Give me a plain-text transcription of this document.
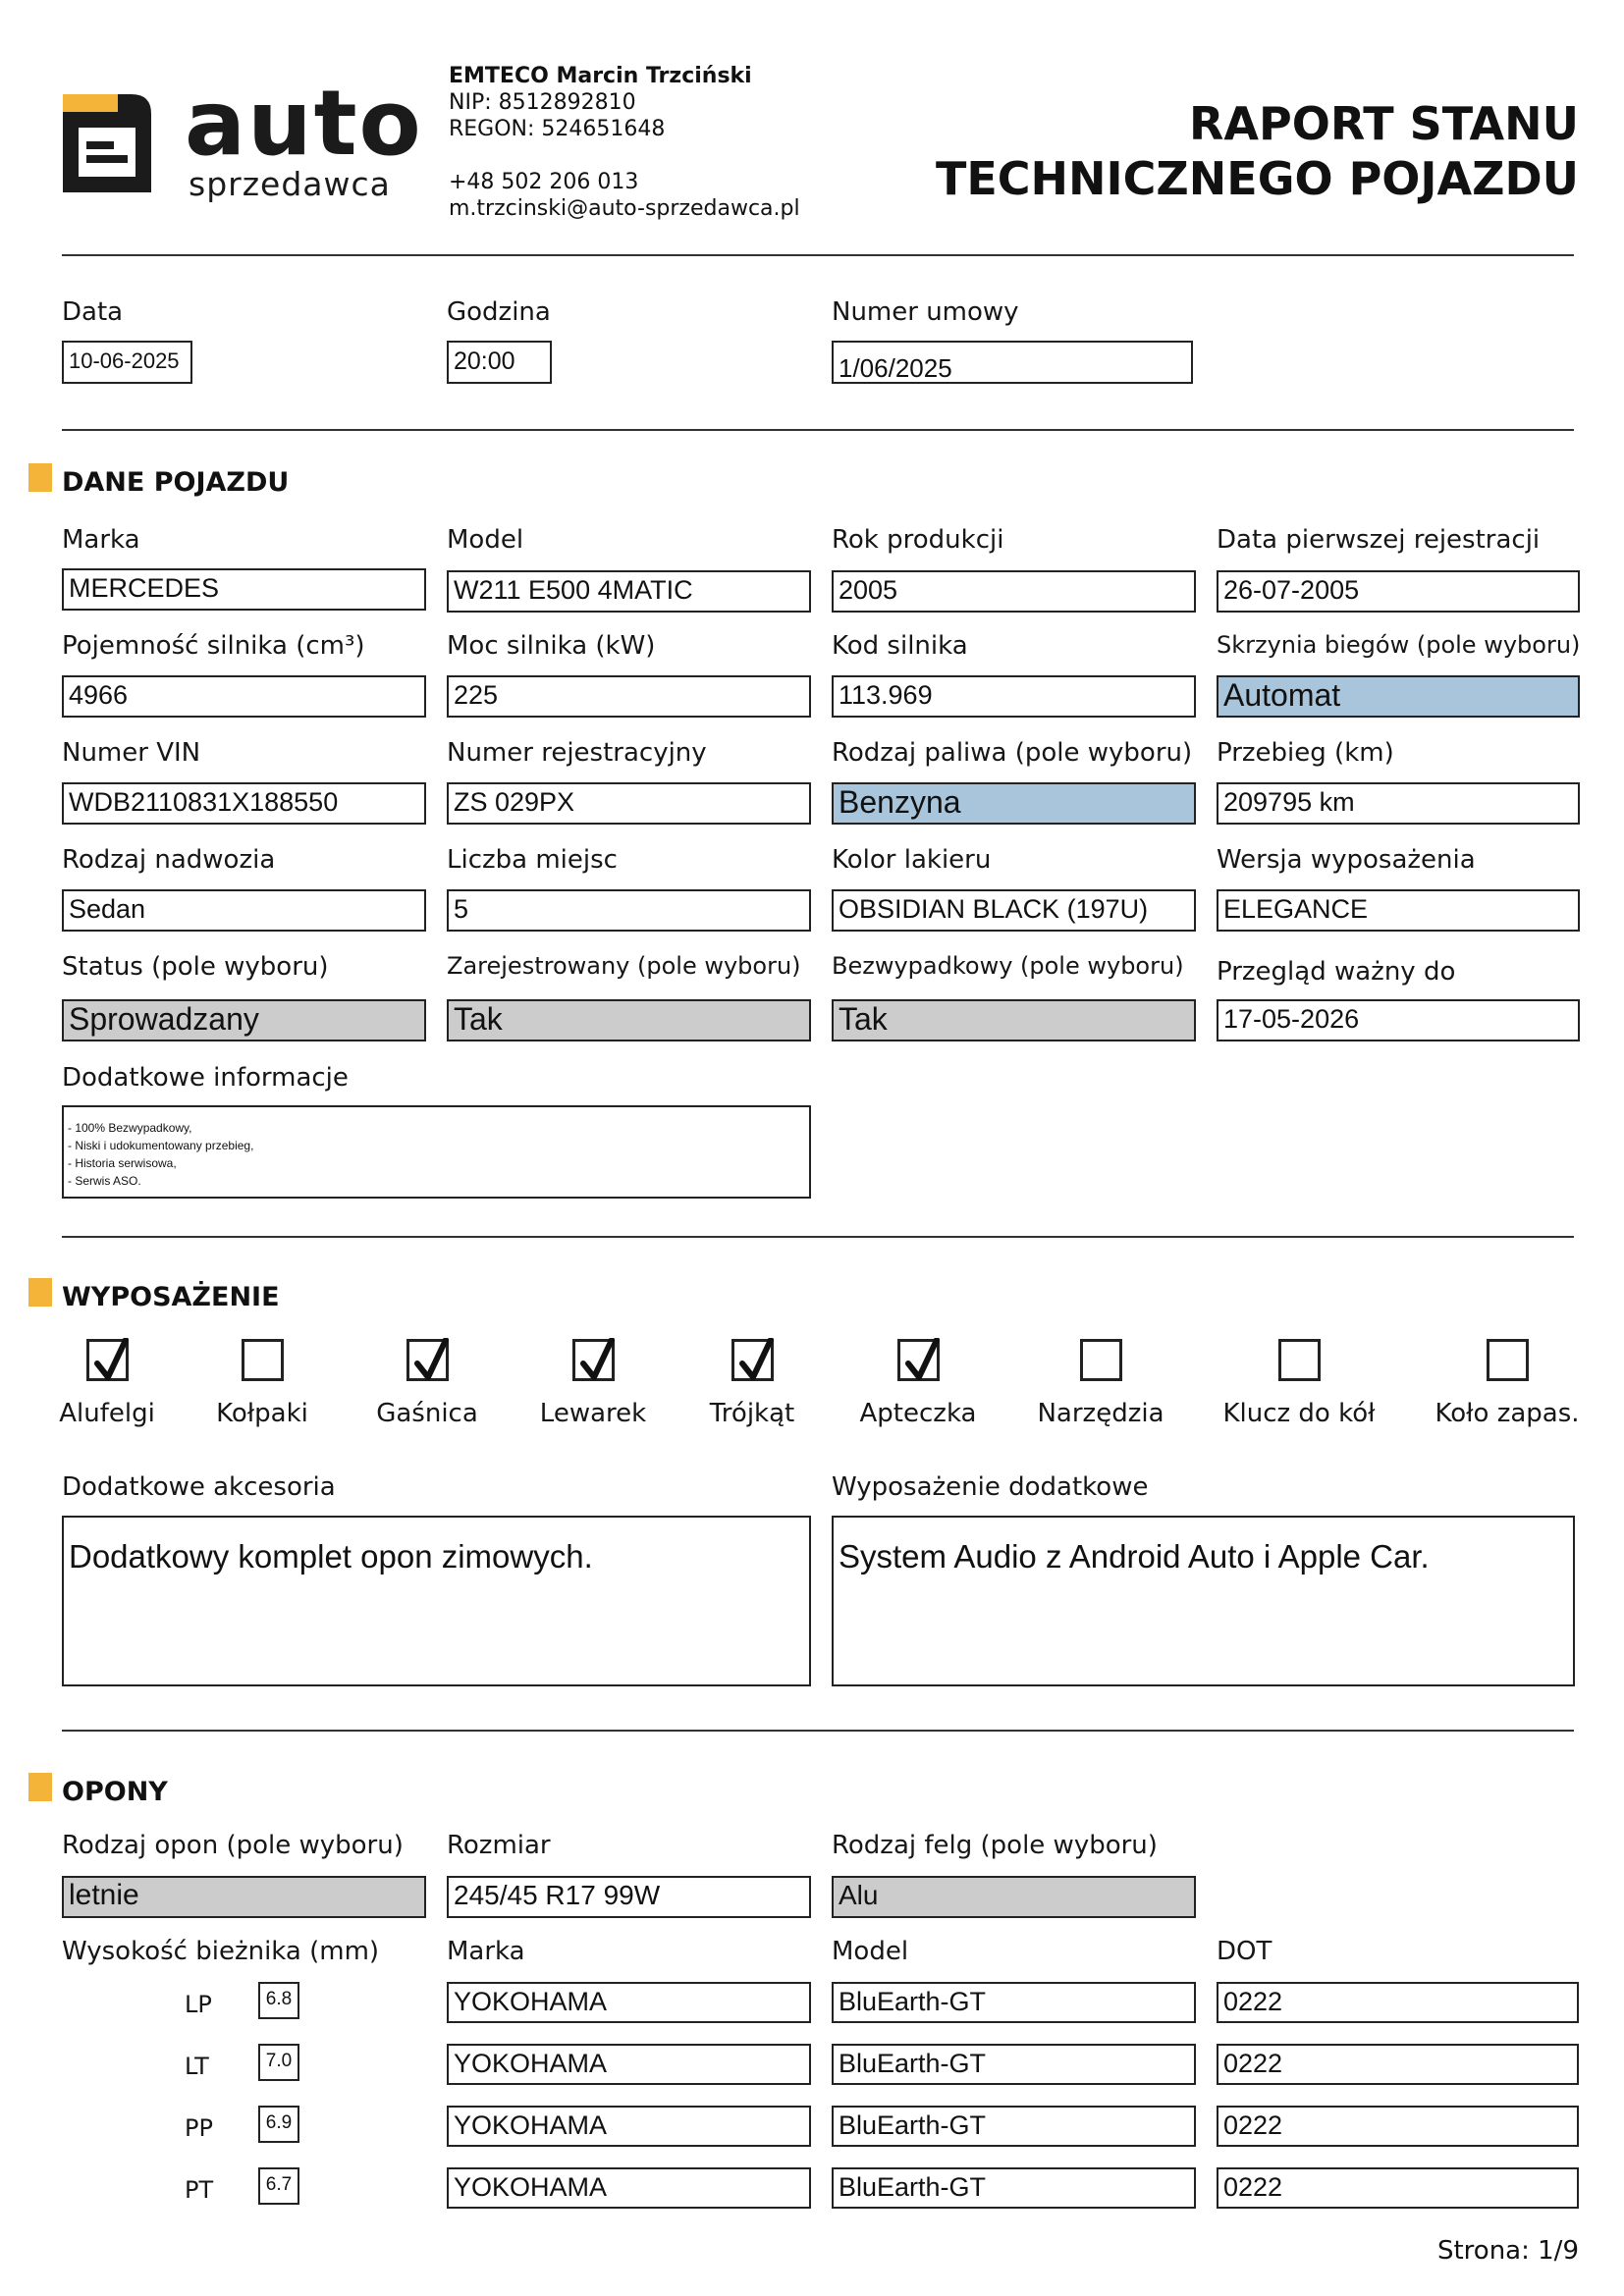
auto
sprzedawca
EMTECO Marcin Trzciński
NIP: 8512892810
REGON: 524651648
+48 502 206 013
m.trzcinski@auto-sprzedawca.pl
RAPORT STANU
TECHNICZNEGO POJAZDU
Data
10-06-2025
Godzina
20:00
Numer umowy
1/06/2025
DANE POJAZDU
Marka
MERCEDES
Model
W211 E500 4MATIC
Rok produkcji
2005
Data pierwszej rejestracji
26-07-2005
Pojemność silnika (cm³)
4966
Moc silnika (kW)
225
Kod silnika
113.969
Skrzynia biegów (pole wyboru)
Automat
Numer VIN
WDB2110831X188550
Numer rejestracyjny
ZS 029PX
Rodzaj paliwa (pole wyboru)
Benzyna
Przebieg (km)
209795 km
Rodzaj nadwozia
Sedan
Liczba miejsc
5
Kolor lakieru
OBSIDIAN BLACK (197U)
Wersja wyposażenia
ELEGANCE
Status (pole wyboru)
Sprowadzany
Zarejestrowany (pole wyboru)
Tak
Bezwypadkowy (pole wyboru)
Tak
Przegląd ważny do
17-05-2026
Dodatkowe informacje
- 100% Bezwypadkowy,
- Niski i udokumentowany przebieg,
- Historia serwisowa,
- Serwis ASO.
WYPOSAŻENIE
Alufelgi Kołpaki	Gaśnica Lewarek Trójkąt	Apteczka Narzędzia Klucz do kół Koło zapas.
Dodatkowe akcesoria
Dodatkowy komplet opon zimowych.
Wyposażenie dodatkowe
System Audio z Android Auto i Apple Car.
OPONY
Rodzaj opon (pole wyboru)
letnie
Rozmiar
245/45 R17 99W
Rodzaj felg (pole wyboru)
Alu
Wysokość bieżnika (mm)	Marka	Model	DOT
LP	6.8	YOKOHAMA	BluEarth-GT	0222
LT	7.0	YOKOHAMA	BluEarth-GT	0222
PP	6.9	YOKOHAMA	BluEarth-GT	0222
PT	6.7	YOKOHAMA	BluEarth-GT	0222
Strona: 1/9
